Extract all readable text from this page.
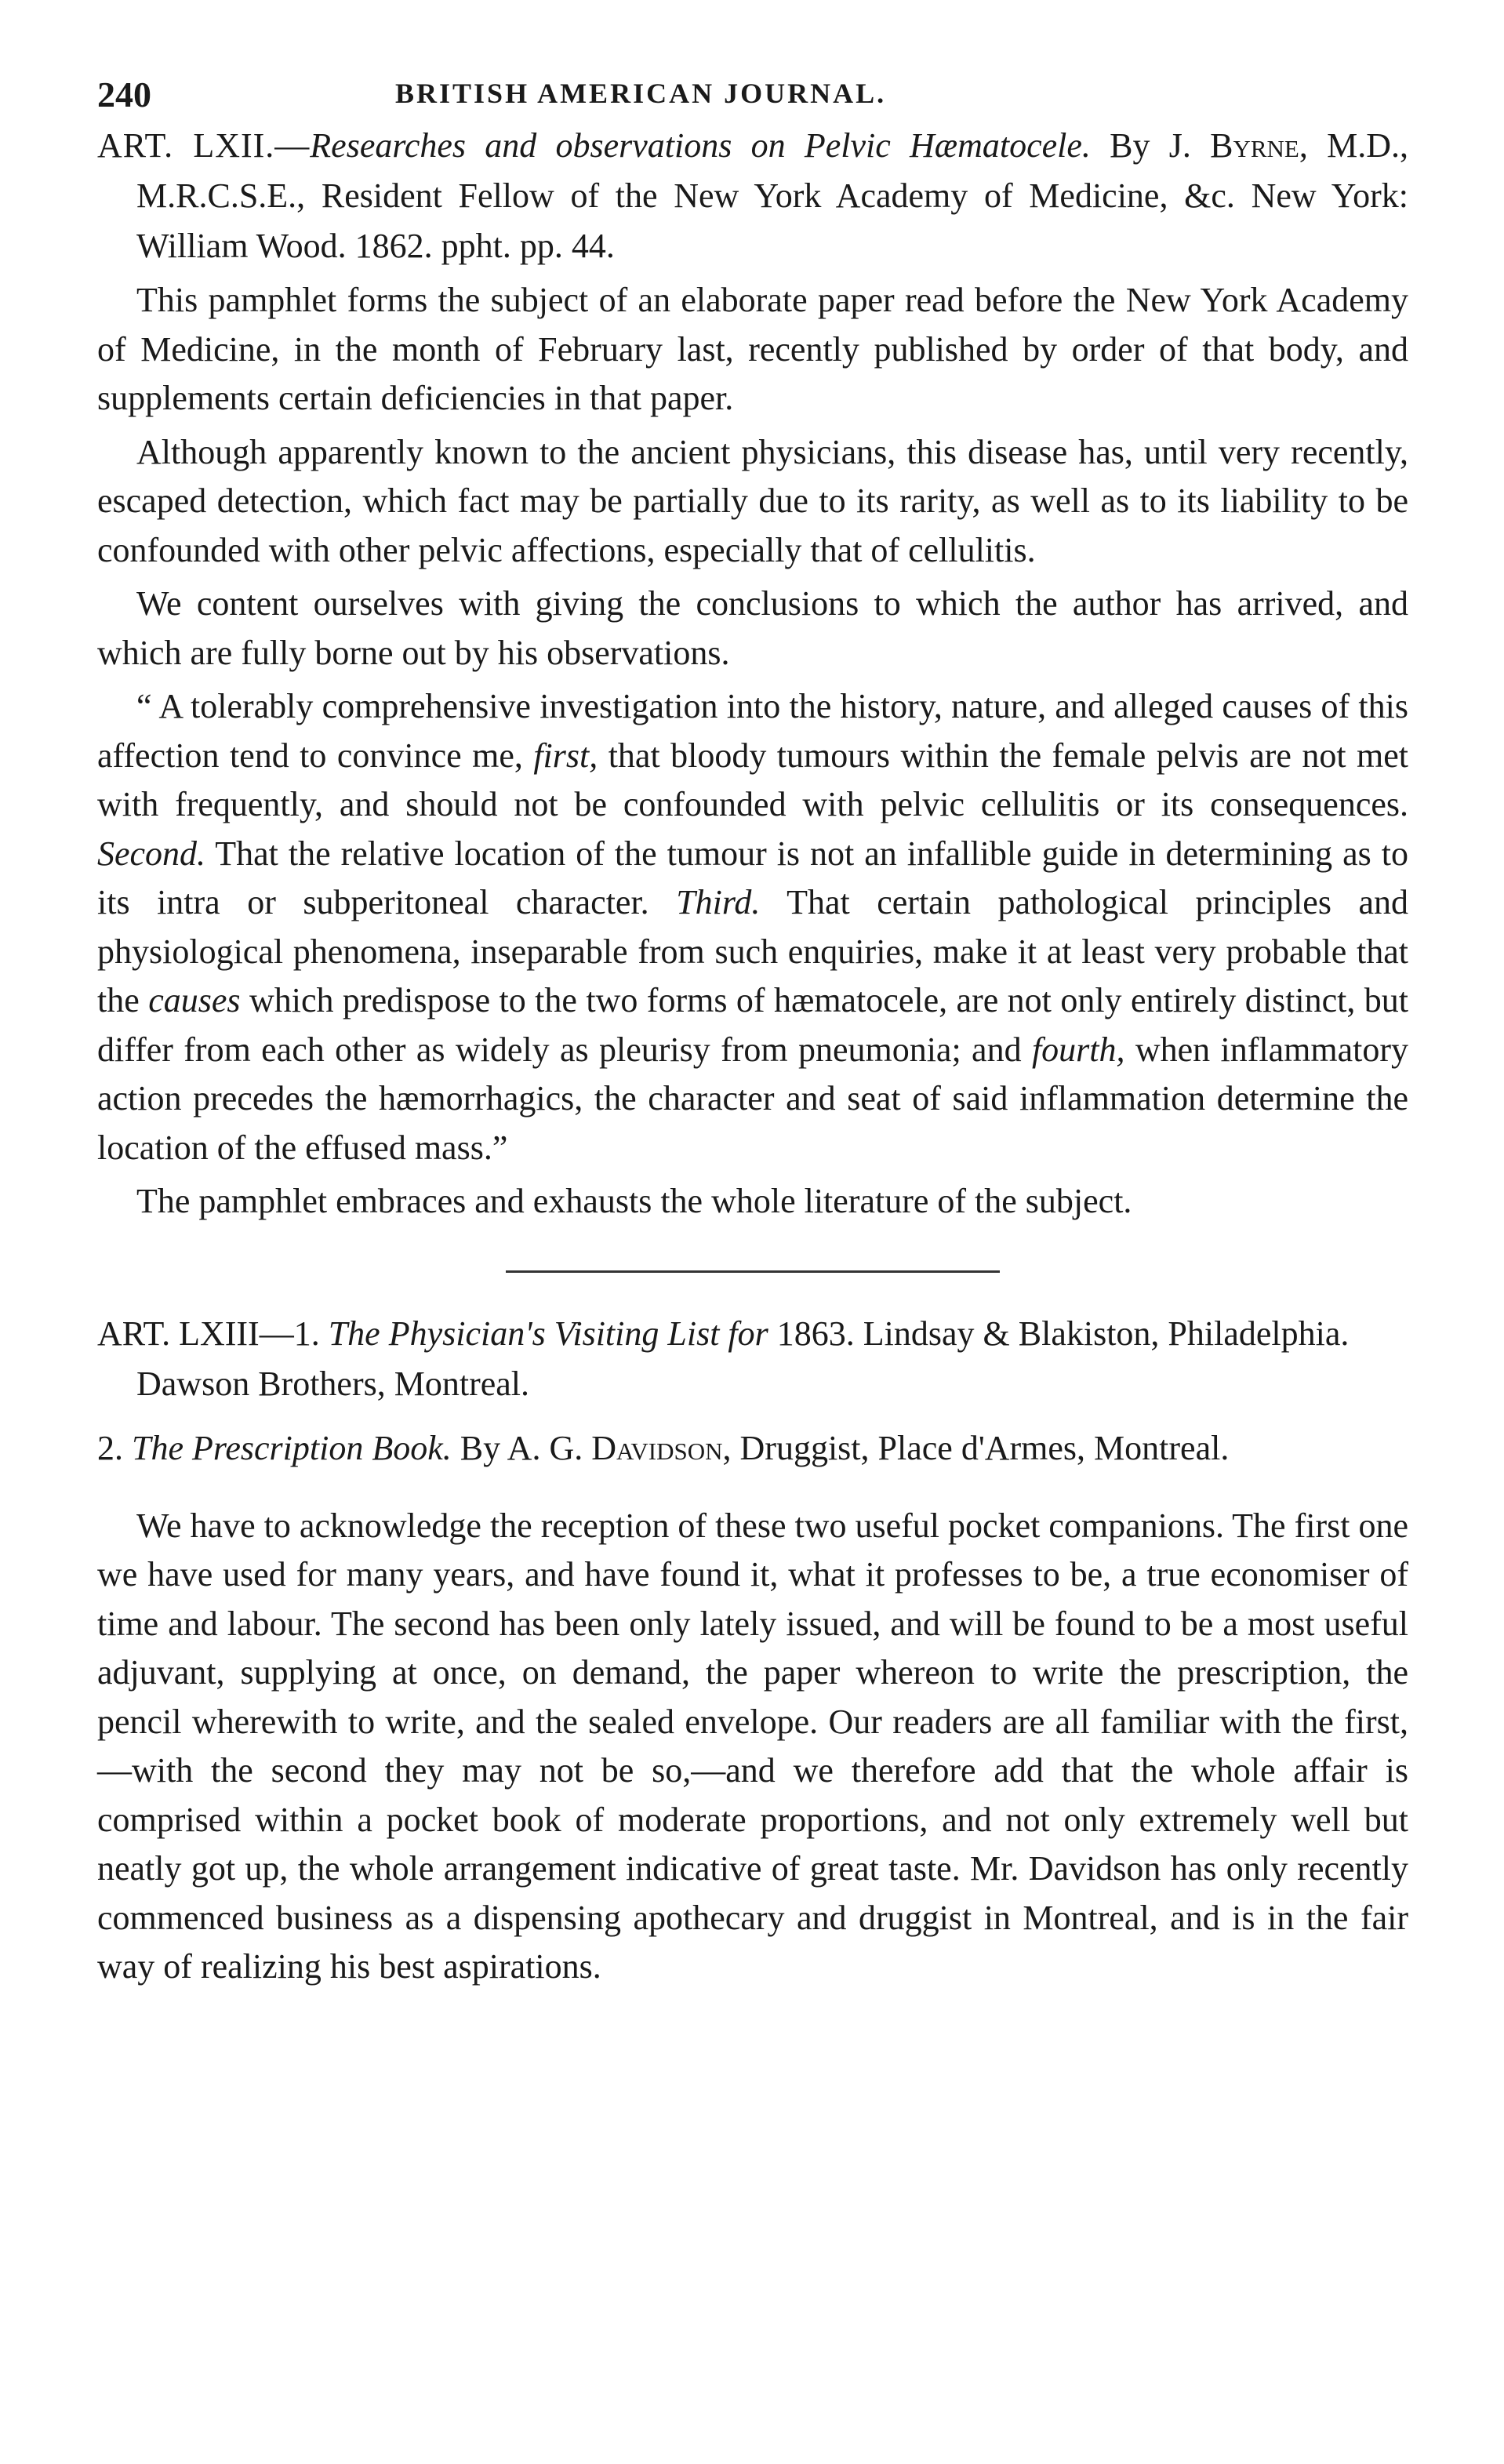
240	BRITISH AMERICAN JOURNAL.

ART. LXII.—Researches and observations on Pelvic Hæmatocele. By J. Byrne, M.D., M.R.C.S.E., Resident Fellow of the New York Academy of Medicine, &c. New York: William Wood. 1862. ppht. pp. 44.

This pamphlet forms the subject of an elaborate paper read before the New York Academy of Medicine, in the month of February last, recently published by order of that body, and supplements certain deficiencies in that paper.

Although apparently known to the ancient physicians, this disease has, until very recently, escaped detection, which fact may be partially due to its rarity, as well as to its liability to be confounded with other pelvic affections, especially that of cellulitis.

We content ourselves with giving the conclusions to which the author has arrived, and which are fully borne out by his observations.

“ A tolerably comprehensive investigation into the history, nature, and alleged causes of this affection tend to convince me, first, that bloody tumours within the female pelvis are not met with frequently, and should not be confounded with pelvic cellulitis or its consequences. Second. That the relative location of the tumour is not an infallible guide in determining as to its intra or subperitoneal character. Third. That certain pathological principles and physiological phenomena, inseparable from such enquiries, make it at least very probable that the causes which predispose to the two forms of hæmatocele, are not only entirely distinct, but differ from each other as widely as pleurisy from pneumonia; and fourth, when inflammatory action precedes the hæmorrhagics, the character and seat of said inflammation determine the location of the effused mass.”

The pamphlet embraces and exhausts the whole literature of the subject.

ART. LXIII—1. The Physician's Visiting List for 1863. Lindsay & Blakiston, Philadelphia. Dawson Brothers, Montreal.

2. The Prescription Book. By A. G. Davidson, Druggist, Place d'Armes, Montreal.

We have to acknowledge the reception of these two useful pocket companions. The first one we have used for many years, and have found it, what it professes to be, a true economiser of time and labour. The second has been only lately issued, and will be found to be a most useful adjuvant, supplying at once, on demand, the paper whereon to write the prescription, the pencil wherewith to write, and the sealed envelope. Our readers are all familiar with the first,—with the second they may not be so,—and we therefore add that the whole affair is comprised within a pocket book of moderate proportions, and not only extremely well but neatly got up, the whole arrangement indicative of great taste. Mr. Davidson has only recently commenced business as a dispensing apothecary and druggist in Montreal, and is in the fair way of realizing his best aspirations.
